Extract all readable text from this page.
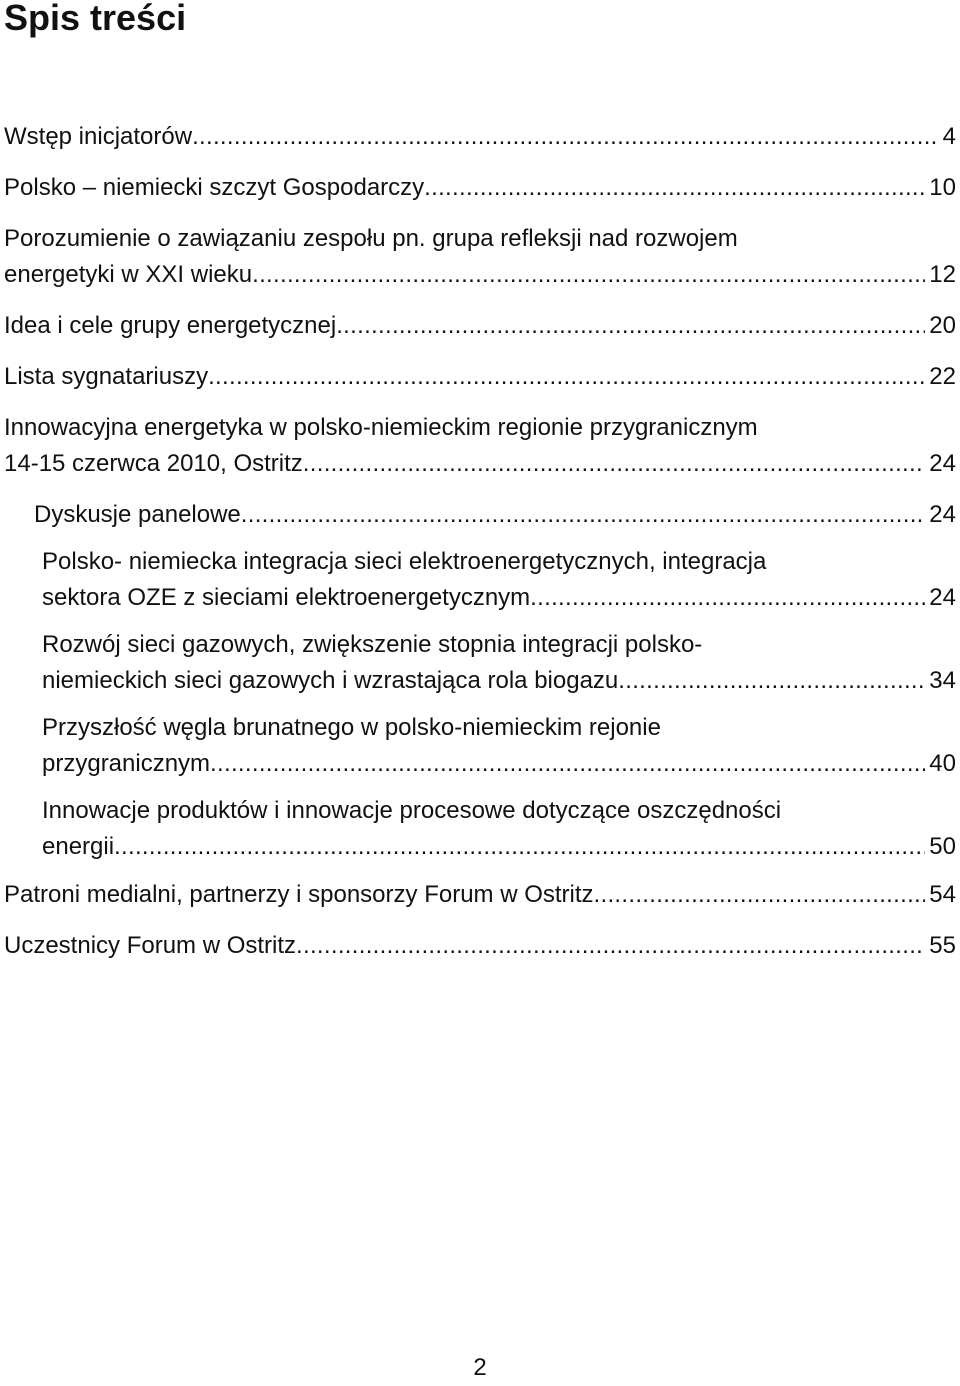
Spis treści
Wstęp inicjatorów .....	4
Polsko – niemiecki szczyt Gospodarczy .....	10
Porozumienie o zawiązaniu zespołu pn. grupa refleksji nad rozwojem
energetyki w XXI wieku .....	12
Idea i cele grupy energetycznej .....	20
Lista sygnatariuszy .....	22
Innowacyjna energetyka w polsko-niemieckim regionie przygranicznym
14-15 czerwca 2010, Ostritz .....	24
Dyskusje panelowe .....	24
Polsko- niemiecka integracja sieci elektroenergetycznych, integracja
sektora OZE z sieciami elektroenergetycznym .....	24
Rozwój sieci gazowych, zwiększenie stopnia integracji polsko-
niemieckich sieci gazowych i wzrastająca rola biogazu .....	34
Przyszłość węgla brunatnego w polsko-niemieckim rejonie
przygranicznym .....	40
Innowacje produktów i innowacje procesowe dotyczące oszczędności
energii .....	50
Patroni medialni, partnerzy i sponsorzy Forum w Ostritz .....	54
Uczestnicy Forum w Ostritz .....	55
2
